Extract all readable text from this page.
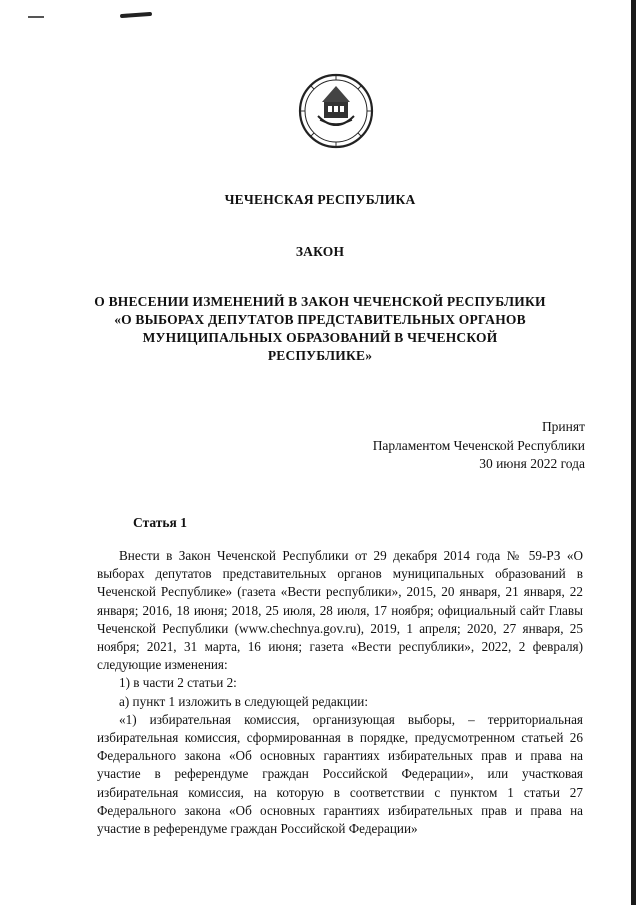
ЧЕЧЕНСКАЯ РЕСПУБЛИКА
ЗАКОН
О ВНЕСЕНИИ ИЗМЕНЕНИЙ В ЗАКОН ЧЕЧЕНСКОЙ РЕСПУБЛИКИ
«О ВЫБОРАХ ДЕПУТАТОВ ПРЕДСТАВИТЕЛЬНЫХ ОРГАНОВ
МУНИЦИПАЛЬНЫХ ОБРАЗОВАНИЙ В ЧЕЧЕНСКОЙ
РЕСПУБЛИКЕ»
Принят
Парламентом Чеченской Республики
30 июня 2022 года
Статья 1

Внести в Закон Чеченской Республики от 29 декабря 2014 года № 59-РЗ «О выборах депутатов представительных органов муниципальных образований в Чеченской Республике» (газета «Вести республики», 2015, 20 января, 21 января, 22 января; 2016, 18 июня; 2018, 25 июля, 28 июля, 17 ноября; официальный сайт Главы Чеченской Республики (www.chechnya.gov.ru), 2019, 1 апреля; 2020, 27 января, 25 ноября; 2021, 31 марта, 16 июня; газета «Вести республики», 2022, 2 февраля) следующие изменения:

1) в части 2 статьи 2:

а) пункт 1 изложить в следующей редакции:

«1) избирательная комиссия, организующая выборы, – территориальная избирательная комиссия, сформированная в порядке, предусмотренном статьей 26 Федерального закона «Об основных гарантиях избирательных прав и права на участие в референдуме граждан Российской Федерации», или участковая избирательная комиссия, на которую в соответствии с пунктом 1 статьи 27 Федерального закона «Об основных гарантиях избирательных прав и права на участие в референдуме граждан Российской Федерации»
